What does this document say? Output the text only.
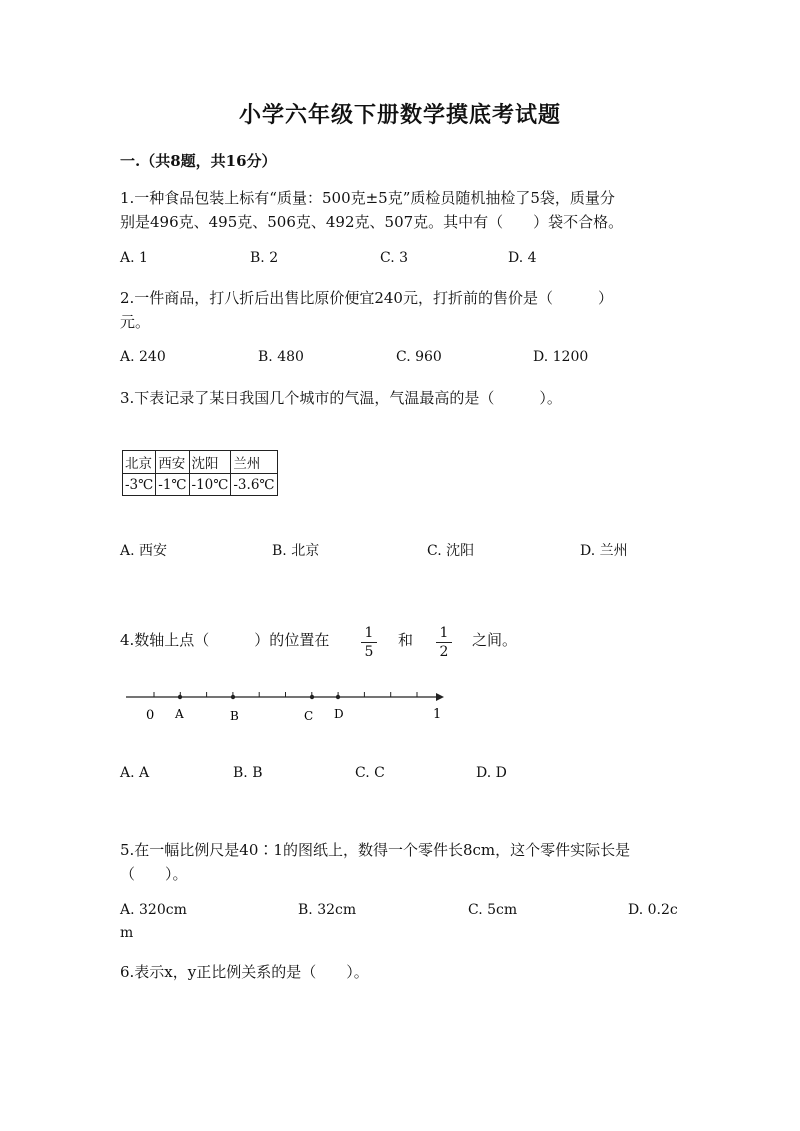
小学六年级下册数学摸底考试题
一.（共8题，共16分）
1.一种食品包装上标有“质量：500克±5克”质检员随机抽检了5袋，质量分
别是496克、495克、506克、492克、507克。其中有（　　）袋不合格。
A. 1	B. 2	C. 3	D. 4
2.一件商品，打八折后出售比原价便宜240元，打折前的售价是（　　　）
元。
A. 240	B. 480	C. 960	D. 1200
3.下表记录了某日我国几个城市的气温，气温最高的是（　　　）。
北京	西安	沈阳	兰州
-3℃	-1℃	-10℃	-3.6℃
A. 西安	B. 北京	C. 沈阳	D. 兰州
4.数轴上点（　　　）的位置在 $\frac{1}{5}$ 和 $\frac{1}{2}$ 之间。
0	1
A	B	C D
A. A	B. B	C. C	D. D
5.在一幅比例尺是40∶1的图纸上，数得一个零件长8cm，这个零件实际长是
（　　）。
A. 320cm	B. 32cm	C. 5cm	D. 0.2c
m
6.表示x，y正比例关系的是（　　）。
